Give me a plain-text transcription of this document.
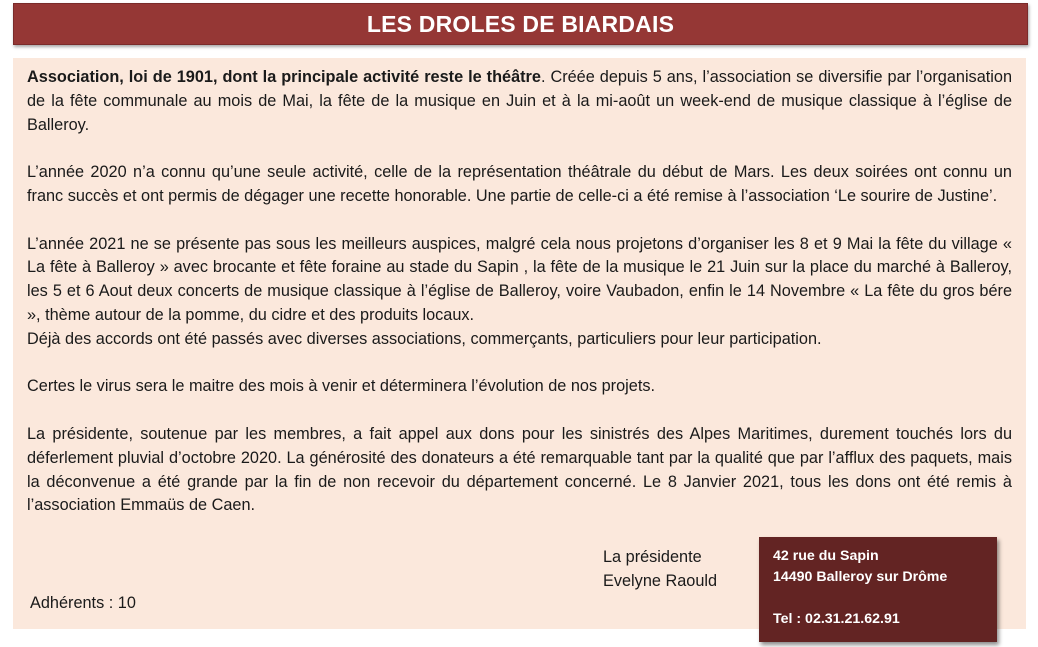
LES DROLES DE BIARDAIS

Association, loi de 1901, dont la principale activité reste le théâtre. Créée depuis 5 ans, l’association se diversifie par l’organisation de la fête communale au mois de Mai, la fête de la musique en Juin et à la mi-août un week-end de musique classique à l’église de Balleroy.

L’année 2020 n’a connu qu’une seule activité, celle de la représentation théâtrale du début de Mars. Les deux soirées ont connu un franc succès et ont permis de dégager une recette honorable. Une partie de celle-ci a été remise à l’association ‘Le sourire de Justine’.

L’année 2021 ne se présente pas sous les meilleurs auspices, malgré cela nous projetons d’organiser les 8 et 9 Mai la fête du village « La fête à Balleroy » avec brocante et fête foraine au stade du Sapin , la fête de la musique le 21 Juin sur la place du marché à Balleroy, les 5 et 6 Aout deux concerts de musique classique à l’église de Balleroy, voire Vaubadon, enfin le 14 Novembre « La fête du gros bére », thème autour de la pomme, du cidre et des produits locaux.

Déjà des accords ont été passés avec diverses associations, commerçants, particuliers pour leur participation.

Certes le virus sera le maitre des mois à venir et déterminera l’évolution de nos projets.

La présidente, soutenue par les membres, a fait appel aux dons pour les sinistrés des Alpes Maritimes, durement touchés lors du déferlement pluvial d’octobre 2020. La générosité des donateurs a été remarquable tant par la qualité que par l’afflux des paquets, mais la déconvenue a été grande par la fin de non recevoir du département concerné. Le 8 Janvier 2021, tous les dons ont été remis à l’association Emmaüs de Caen.

La présidente
Evelyne Raould
Adhérents : 10
42 rue du Sapin
14490 Balleroy sur Drôme
Tel : 02.31.21.62.91
